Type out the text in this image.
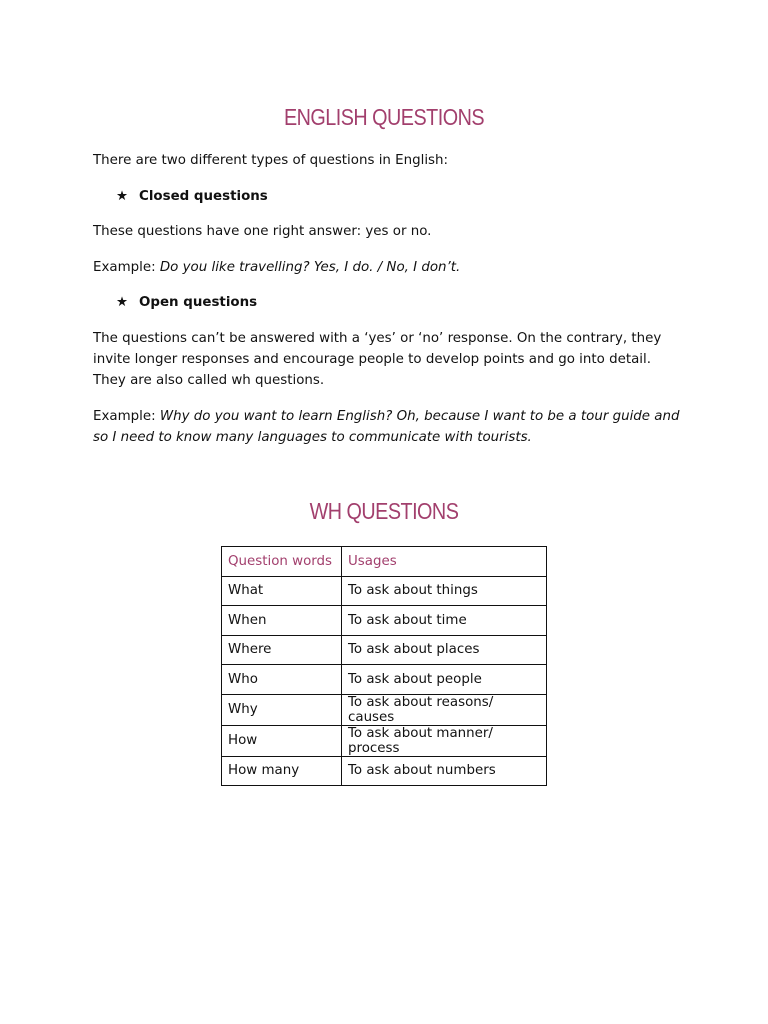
ENGLISH QUESTIONS

There are two different types of questions in English:

★ Closed questions

These questions have one right answer: yes or no.

Example: Do you like travelling? Yes, I do. / No, I don’t.

★ Open questions

The questions can’t be answered with a ‘yes’ or ‘no’ response. On the contrary, they invite longer responses and encourage people to develop points and go into detail. They are also called wh questions.

Example: Why do you want to learn English? Oh, because I want to be a tour guide and so I need to know many languages to communicate with tourists.

WH QUESTIONS
Question words	Usages
What	To ask about things
When	To ask about time
Where	To ask about places
Who	To ask about people
Why	To ask about reasons/ causes
How	To ask about manner/ process
How many	To ask about numbers
